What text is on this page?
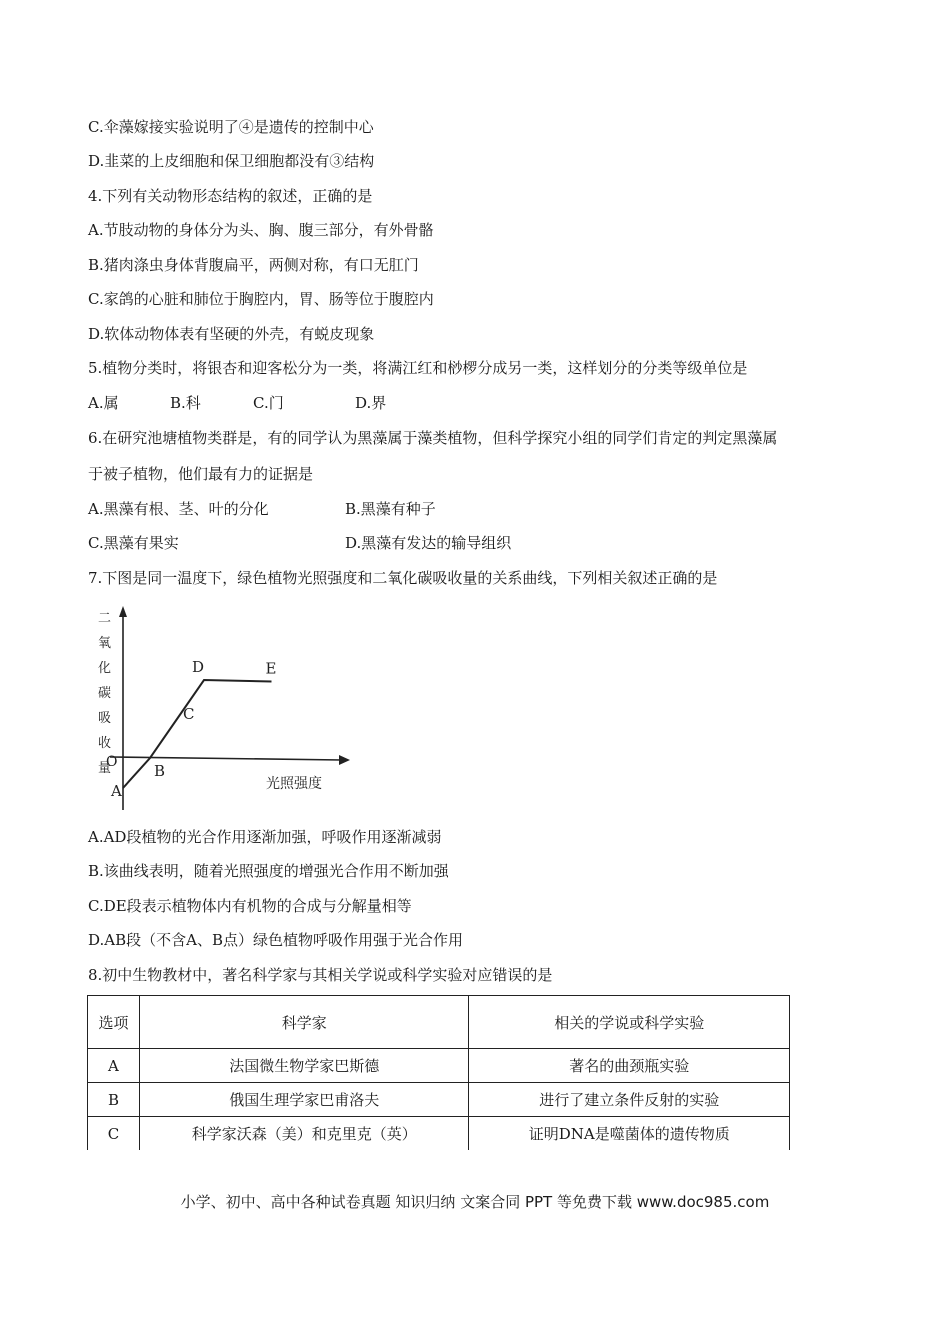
C.伞藻嫁接实验说明了④是遗传的控制中心
D.韭菜的上皮细胞和保卫细胞都没有③结构
4.下列有关动物形态结构的叙述，正确的是
A.节肢动物的身体分为头、胸、腹三部分，有外骨骼
B.猪肉涤虫身体背腹扁平，两侧对称，有口无肛门
C.家鸽的心脏和肺位于胸腔内，胃、肠等位于腹腔内
D.软体动物体表有坚硬的外壳，有蜕皮现象
5.植物分类时，将银杏和迎客松分为一类，将满江红和桫椤分成另一类，这样划分的分类等级单位是
A.属	B.科	C.门	D.界
6.在研究池塘植物类群是，有的同学认为黑藻属于藻类植物，但科学探究小组的同学们肯定的判定黑藻属
于被子植物，他们最有力的证据是
A.黑藻有根、茎、叶的分化	B.黑藻有种子
C.黑藻有果实	D.黑藻有发达的输导组织
7.下图是同一温度下，绿色植物光照强度和二氧化碳吸收量的关系曲线，下列相关叙述正确的是
二
氧
化
碳
吸
收
量
光照强度
O
A
B
C
D	E
A.AD段植物的光合作用逐渐加强，呼吸作用逐渐减弱
B.该曲线表明，随着光照强度的增强光合作用不断加强
C.DE段表示植物体内有机物的合成与分解量相等
D.AB段（不含A、B点）绿色植物呼吸作用强于光合作用
8.初中生物教材中，著名科学家与其相关学说或科学实验对应错误的是
选项	科学家	相关的学说或科学实验
A	法国微生物学家巴斯德	著名的曲颈瓶实验
B	俄国生理学家巴甫洛夫	进行了建立条件反射的实验
C	科学家沃森（美）和克里克（英）	证明DNA是噬菌体的遗传物质
小学、初中、高中各种试卷真题 知识归纳 文案合同 PPT 等免费下载 www.doc985.com
